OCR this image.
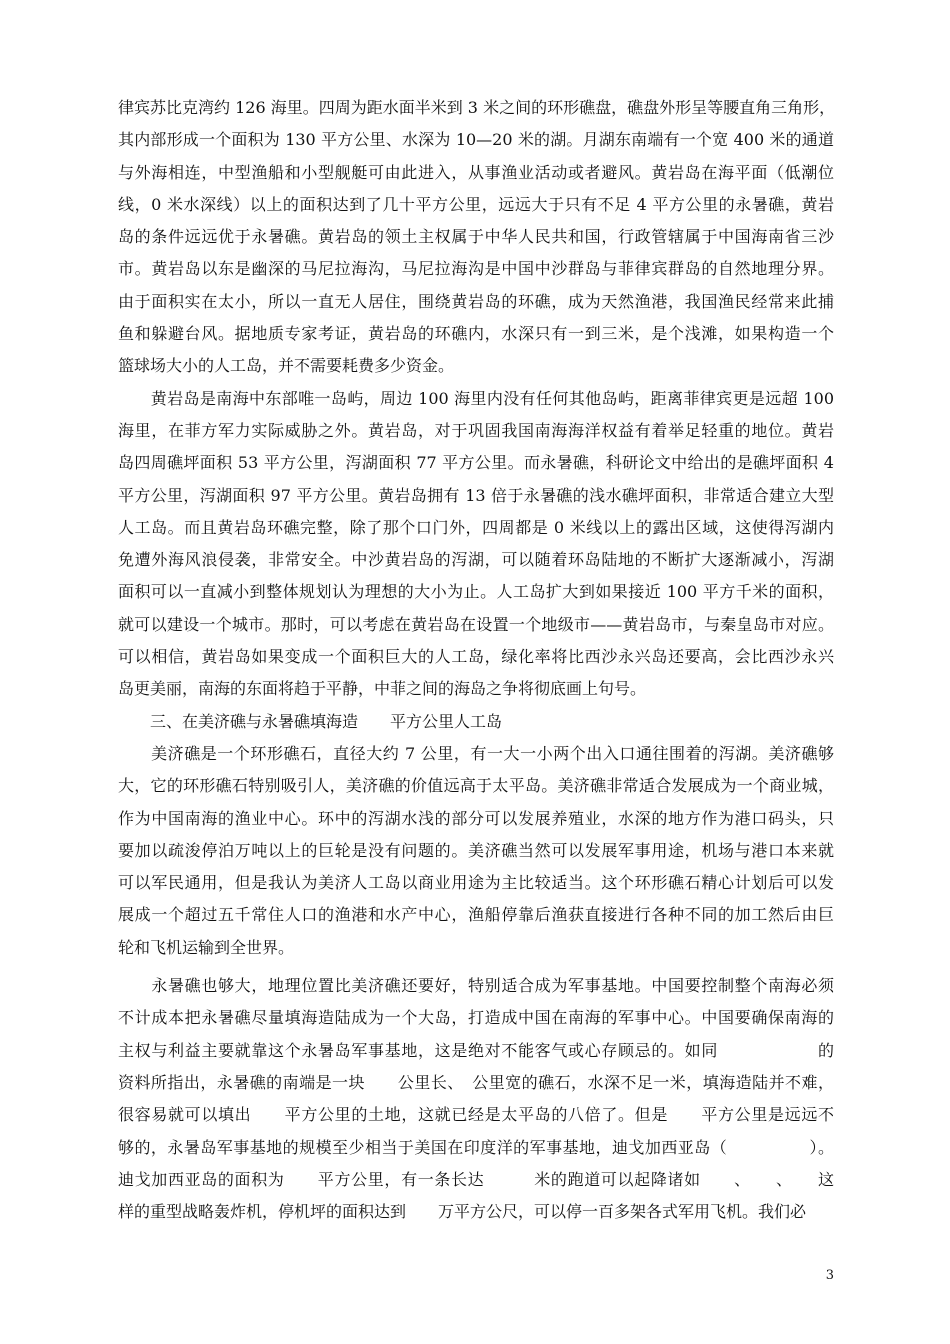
律宾苏比克湾约 126 海里。四周为距水面半米到 3 米之间的环形礁盘，礁盘外形呈等腰直角三角形，
其内部形成一个面积为 130 平方公里、水深为 10—20 米的湖。月湖东南端有一个宽 400 米的通道
与外海相连，中型渔船和小型舰艇可由此进入，从事渔业活动或者避风。黄岩岛在海平面（低潮位
线，0 米水深线）以上的面积达到了几十平方公里，远远大于只有不足 4 平方公里的永暑礁，黄岩
岛的条件远远优于永暑礁。黄岩岛的领土主权属于中华人民共和国，行政管辖属于中国海南省三沙
市。黄岩岛以东是幽深的马尼拉海沟，马尼拉海沟是中国中沙群岛与菲律宾群岛的自然地理分界。
由于面积实在太小，所以一直无人居住，围绕黄岩岛的环礁，成为天然渔港，我国渔民经常来此捕
鱼和躲避台风。据地质专家考证，黄岩岛的环礁内，水深只有一到三米，是个浅滩，如果构造一个
篮球场大小的人工岛，并不需要耗费多少资金。
　　黄岩岛是南海中东部唯一岛屿，周边 100 海里内没有任何其他岛屿，距离菲律宾更是远超 100
海里，在菲方军力实际威胁之外。黄岩岛，对于巩固我国南海海洋权益有着举足轻重的地位。黄岩
岛四周礁坪面积 53 平方公里，泻湖面积 77 平方公里。而永暑礁，科研论文中给出的是礁坪面积 4
平方公里，泻湖面积 97 平方公里。黄岩岛拥有 13 倍于永暑礁的浅水礁坪面积，非常适合建立大型
人工岛。而且黄岩岛环礁完整，除了那个口门外，四周都是 0 米线以上的露出区域，这使得泻湖内
免遭外海风浪侵袭，非常安全。中沙黄岩岛的泻湖，可以随着环岛陆地的不断扩大逐渐减小，泻湖
面积可以一直减小到整体规划认为理想的大小为止。人工岛扩大到如果接近 100 平方千米的面积，
就可以建设一个城市。那时，可以考虑在黄岩岛在设置一个地级市——黄岩岛市，与秦皇岛市对应。
可以相信，黄岩岛如果变成一个面积巨大的人工岛，绿化率将比西沙永兴岛还要高，会比西沙永兴
岛更美丽，南海的东面将趋于平静，中菲之间的海岛之争将彻底画上句号。
　　三、在美济礁与永暑礁填海造　　平方公里人工岛
　　美济礁是一个环形礁石，直径大约 7 公里，有一大一小两个出入口通往围着的泻湖。美济礁够
大，它的环形礁石特别吸引人，美济礁的价值远高于太平岛。美济礁非常适合发展成为一个商业城，
作为中国南海的渔业中心。环中的泻湖水浅的部分可以发展养殖业，水深的地方作为港口码头，只
要加以疏浚停泊万吨以上的巨轮是没有问题的。美济礁当然可以发展军事用途，机场与港口本来就
可以军民通用，但是我认为美济人工岛以商业用途为主比较适当。这个环形礁石精心计划后可以发
展成一个超过五千常住人口的渔港和水产中心，渔船停靠后渔获直接进行各种不同的加工然后由巨
轮和飞机运输到全世界。
　　永暑礁也够大，地理位置比美济礁还要好，特别适合成为军事基地。中国要控制整个南海必须
不计成本把永暑礁尽量填海造陆成为一个大岛，打造成中国在南海的军事中心。中国要确保南海的
主权与利益主要就靠这个永暑岛军事基地，这是绝对不能客气或心存顾忌的。如同　　　　　　的
资料所指出，永暑礁的南端是一块　　公里长、　公里宽的礁石，水深不足一米，填海造陆并不难，
很容易就可以填出　　平方公里的土地，这就已经是太平岛的八倍了。但是　　平方公里是远远不
够的，永暑岛军事基地的规模至少相当于美国在印度洋的军事基地，迪戈加西亚岛（　　　　　）。
迪戈加西亚岛的面积为　　平方公里，有一条长达　　　米的跑道可以起降诸如　　、　　、　　这
样的重型战略轰炸机，停机坪的面积达到　　万平方公尺，可以停一百多架各式军用飞机。我们必
3
